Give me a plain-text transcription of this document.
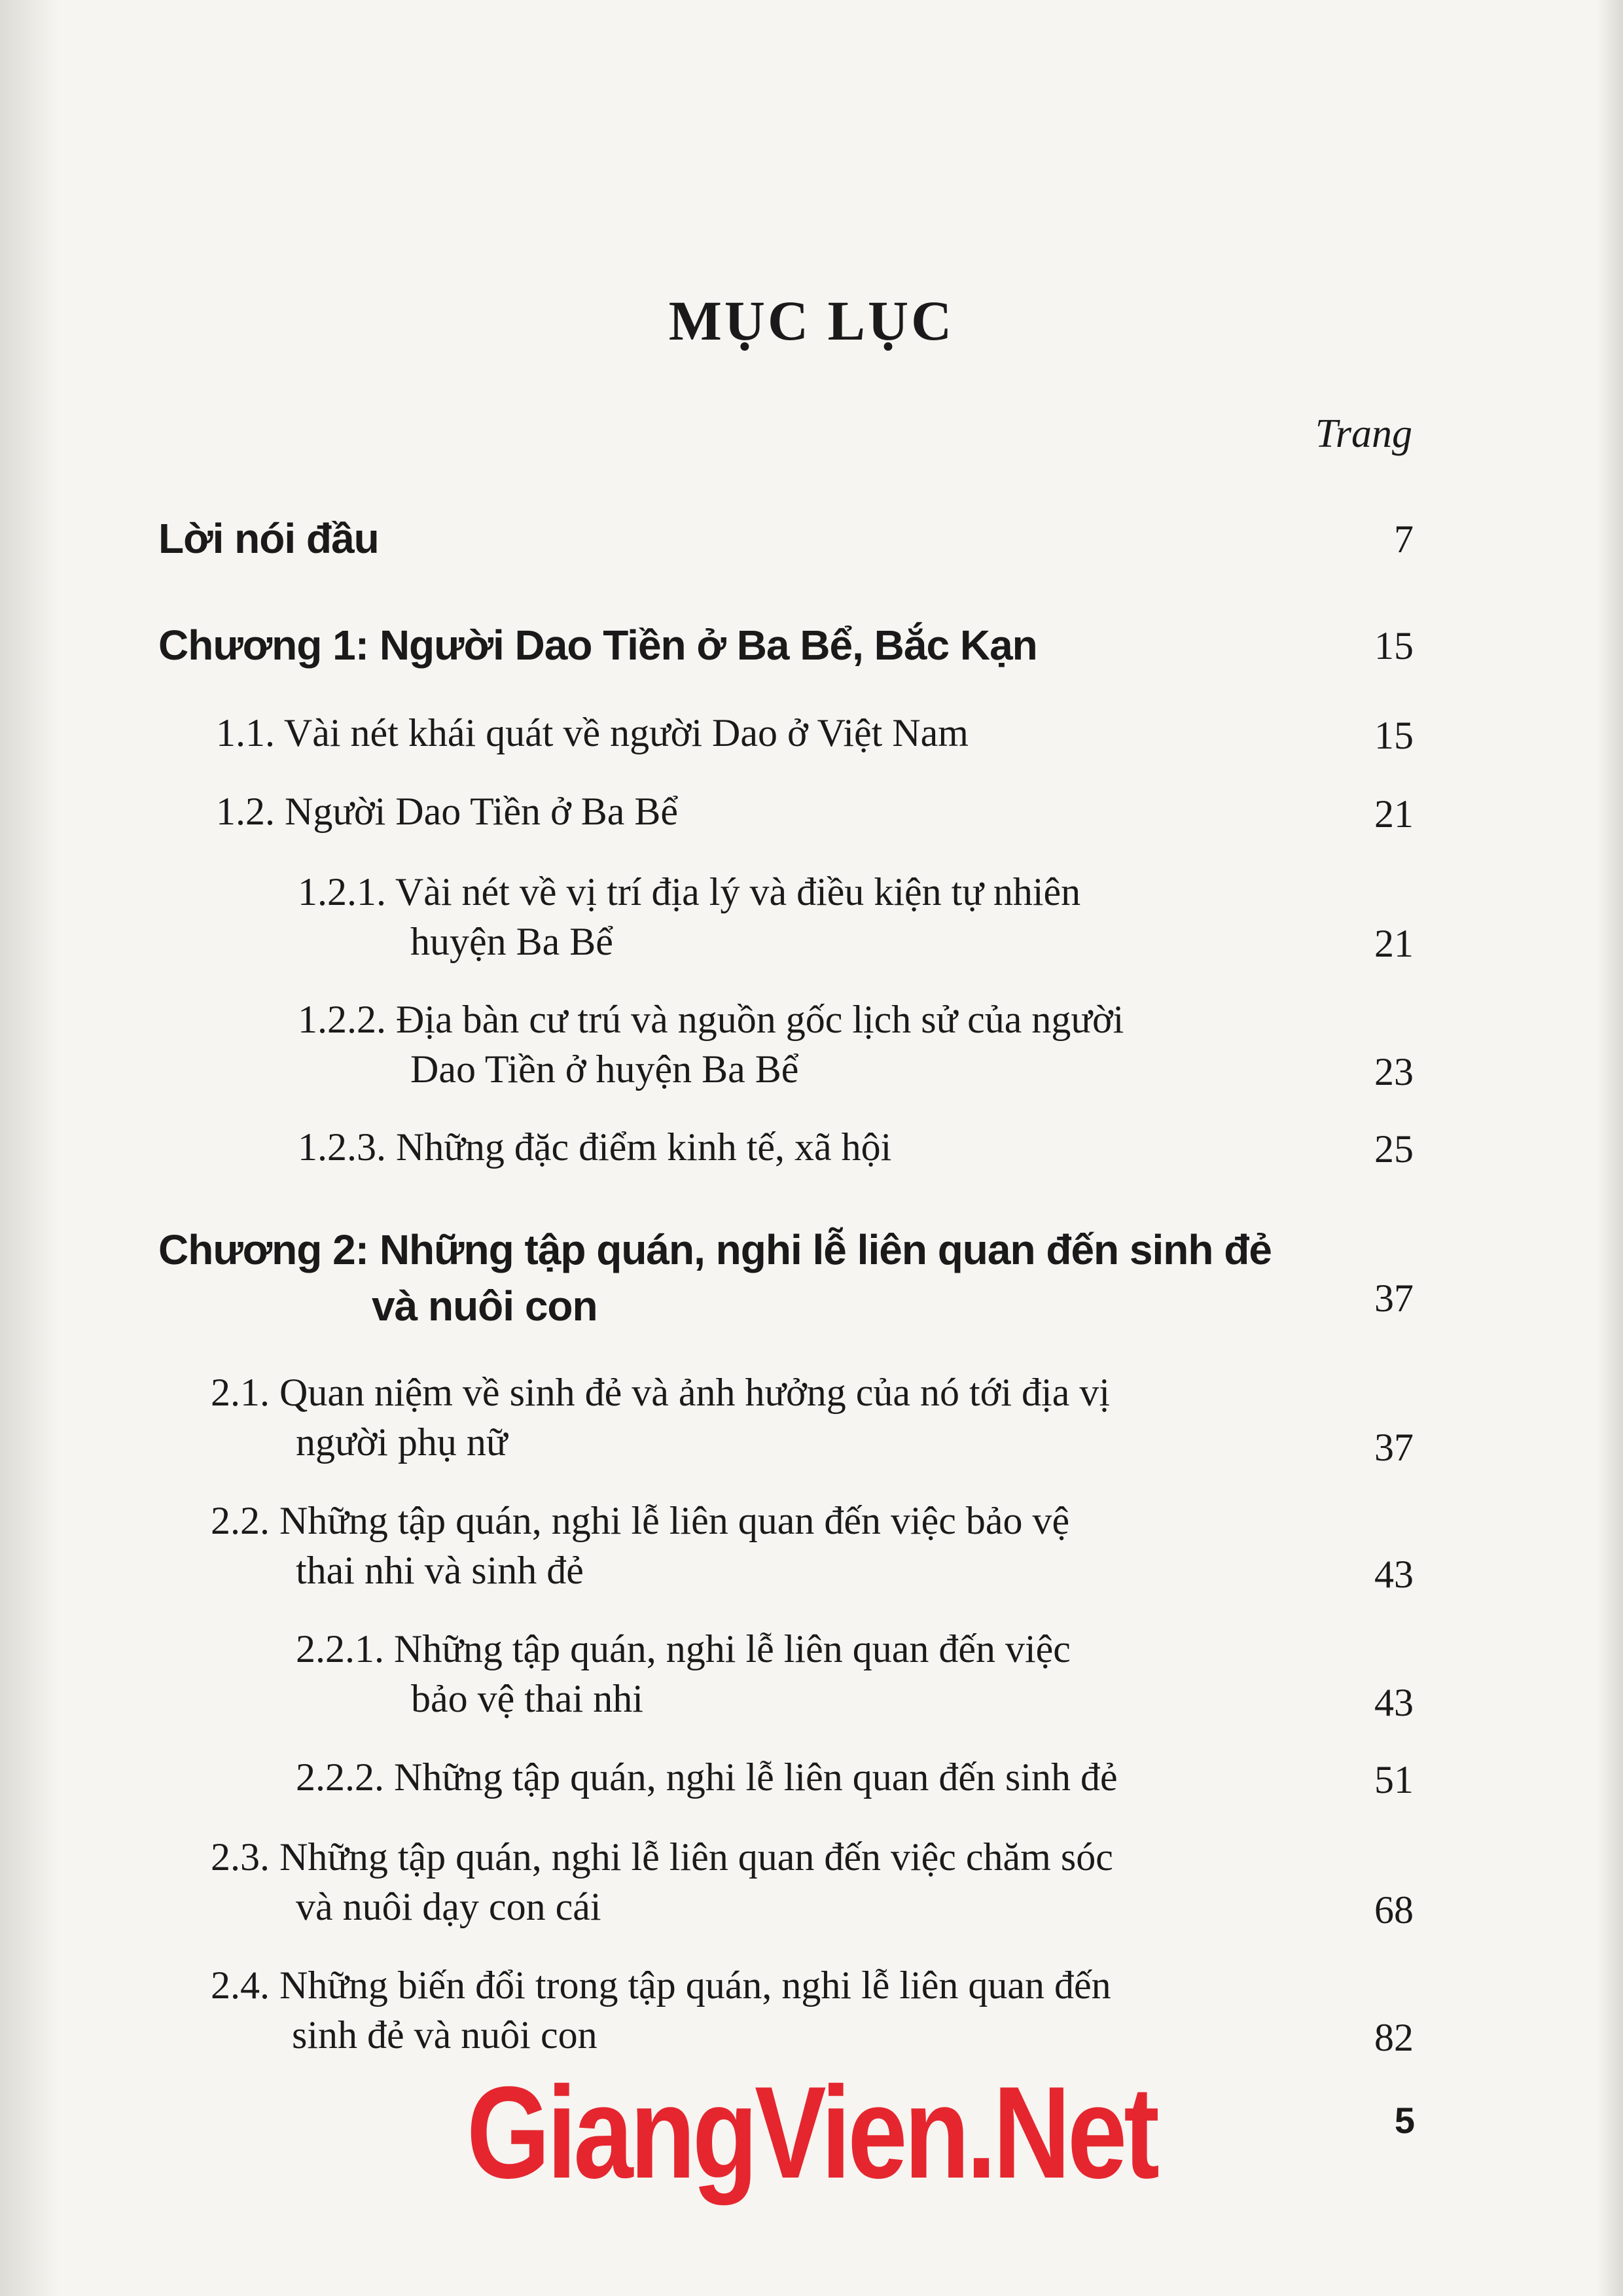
MỤC LỤC
Trang
Lời nói đầu	7
Chương 1: Người Dao Tiền ở Ba Bể, Bắc Kạn	15
1.1. Vài nét khái quát về người Dao ở Việt Nam	15
1.2. Người Dao Tiền ở Ba Bể	21
1.2.1. Vài nét về vị trí địa lý và điều kiện tự nhiên
huyện Ba Bể	21
1.2.2. Địa bàn cư trú và nguồn gốc lịch sử của người
Dao Tiền ở huyện Ba Bể	23
1.2.3. Những đặc điểm kinh tế, xã hội	25
Chương 2: Những tập quán, nghi lễ liên quan đến sinh đẻ
và nuôi con	37
2.1. Quan niệm về sinh đẻ và ảnh hưởng của nó tới địa vị
người phụ nữ	37
2.2. Những tập quán, nghi lễ liên quan đến việc bảo vệ
thai nhi và sinh đẻ	43
2.2.1. Những tập quán, nghi lễ liên quan đến việc
bảo vệ thai nhi	43
2.2.2. Những tập quán, nghi lễ liên quan đến sinh đẻ	51
2.3. Những tập quán, nghi lễ liên quan đến việc chăm sóc
và nuôi dạy con cái	68
2.4. Những biến đổi trong tập quán, nghi lễ liên quan đến
sinh đẻ và nuôi con	82
GiangVien.Net	5
